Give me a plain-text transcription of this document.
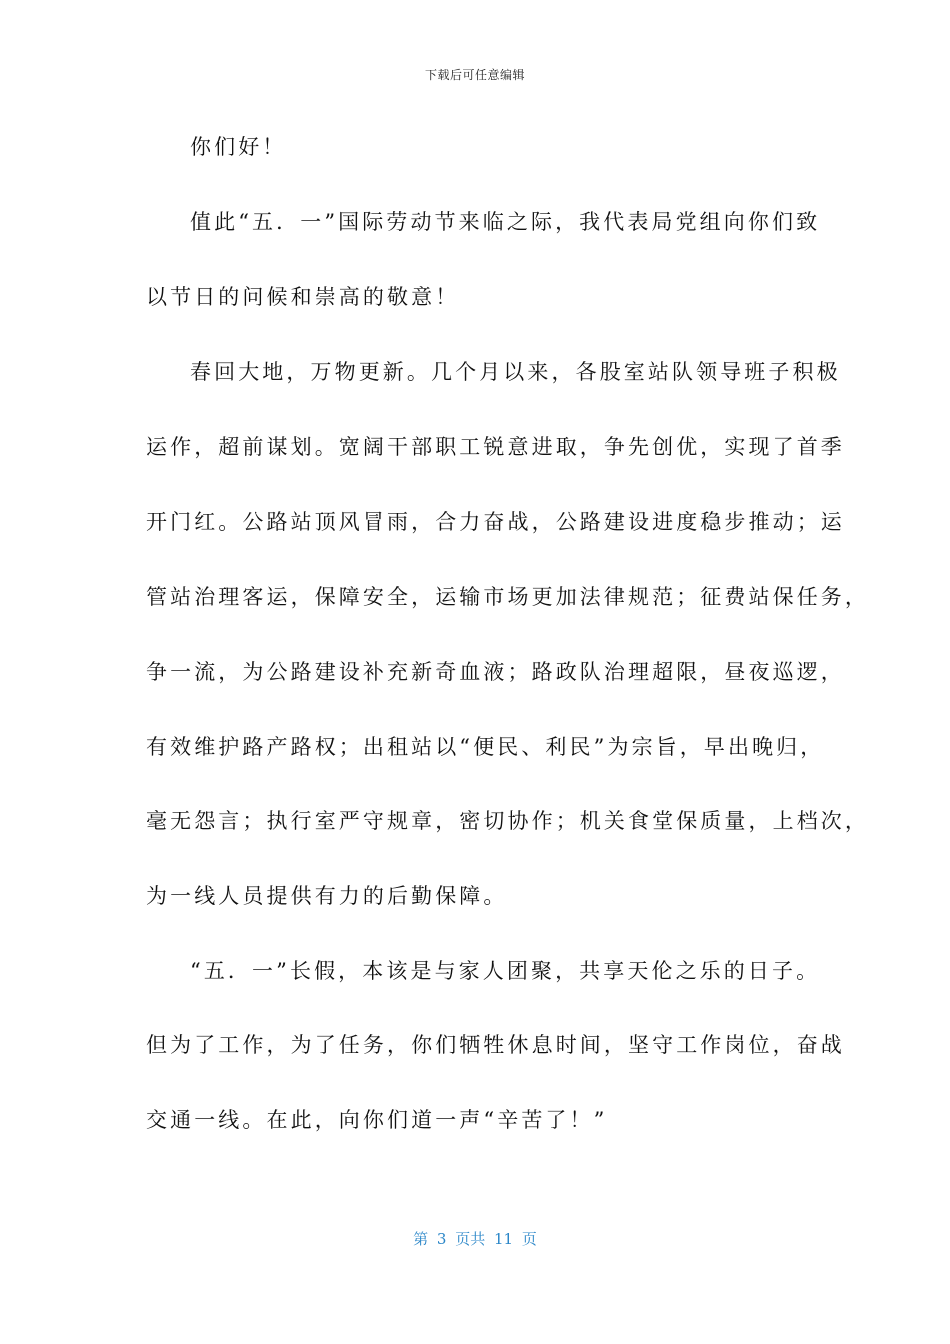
下载后可任意编辑
你们好！
值此“五．一”国际劳动节来临之际，我代表局党组向你们致
以节日的问候和崇高的敬意！
春回大地，万物更新。几个月以来，各股室站队领导班子积极
运作，超前谋划。宽阔干部职工锐意进取，争先创优，实现了首季
开门红。公路站顶风冒雨，合力奋战，公路建设进度稳步推动；运
管站治理客运，保障安全，运输市场更加法律规范；征费站保任务，
争一流，为公路建设补充新奇血液；路政队治理超限，昼夜巡逻，
有效维护路产路权；出租站以“便民、利民”为宗旨，早出晚归，
毫无怨言；执行室严守规章，密切协作；机关食堂保质量，上档次，
为一线人员提供有力的后勤保障。
“五．一”长假，本该是与家人团聚，共享天伦之乐的日子。
但为了工作，为了任务，你们牺牲休息时间，坚守工作岗位，奋战
交通一线。在此，向你们道一声“辛苦了！”
第 3 页共 11 页
